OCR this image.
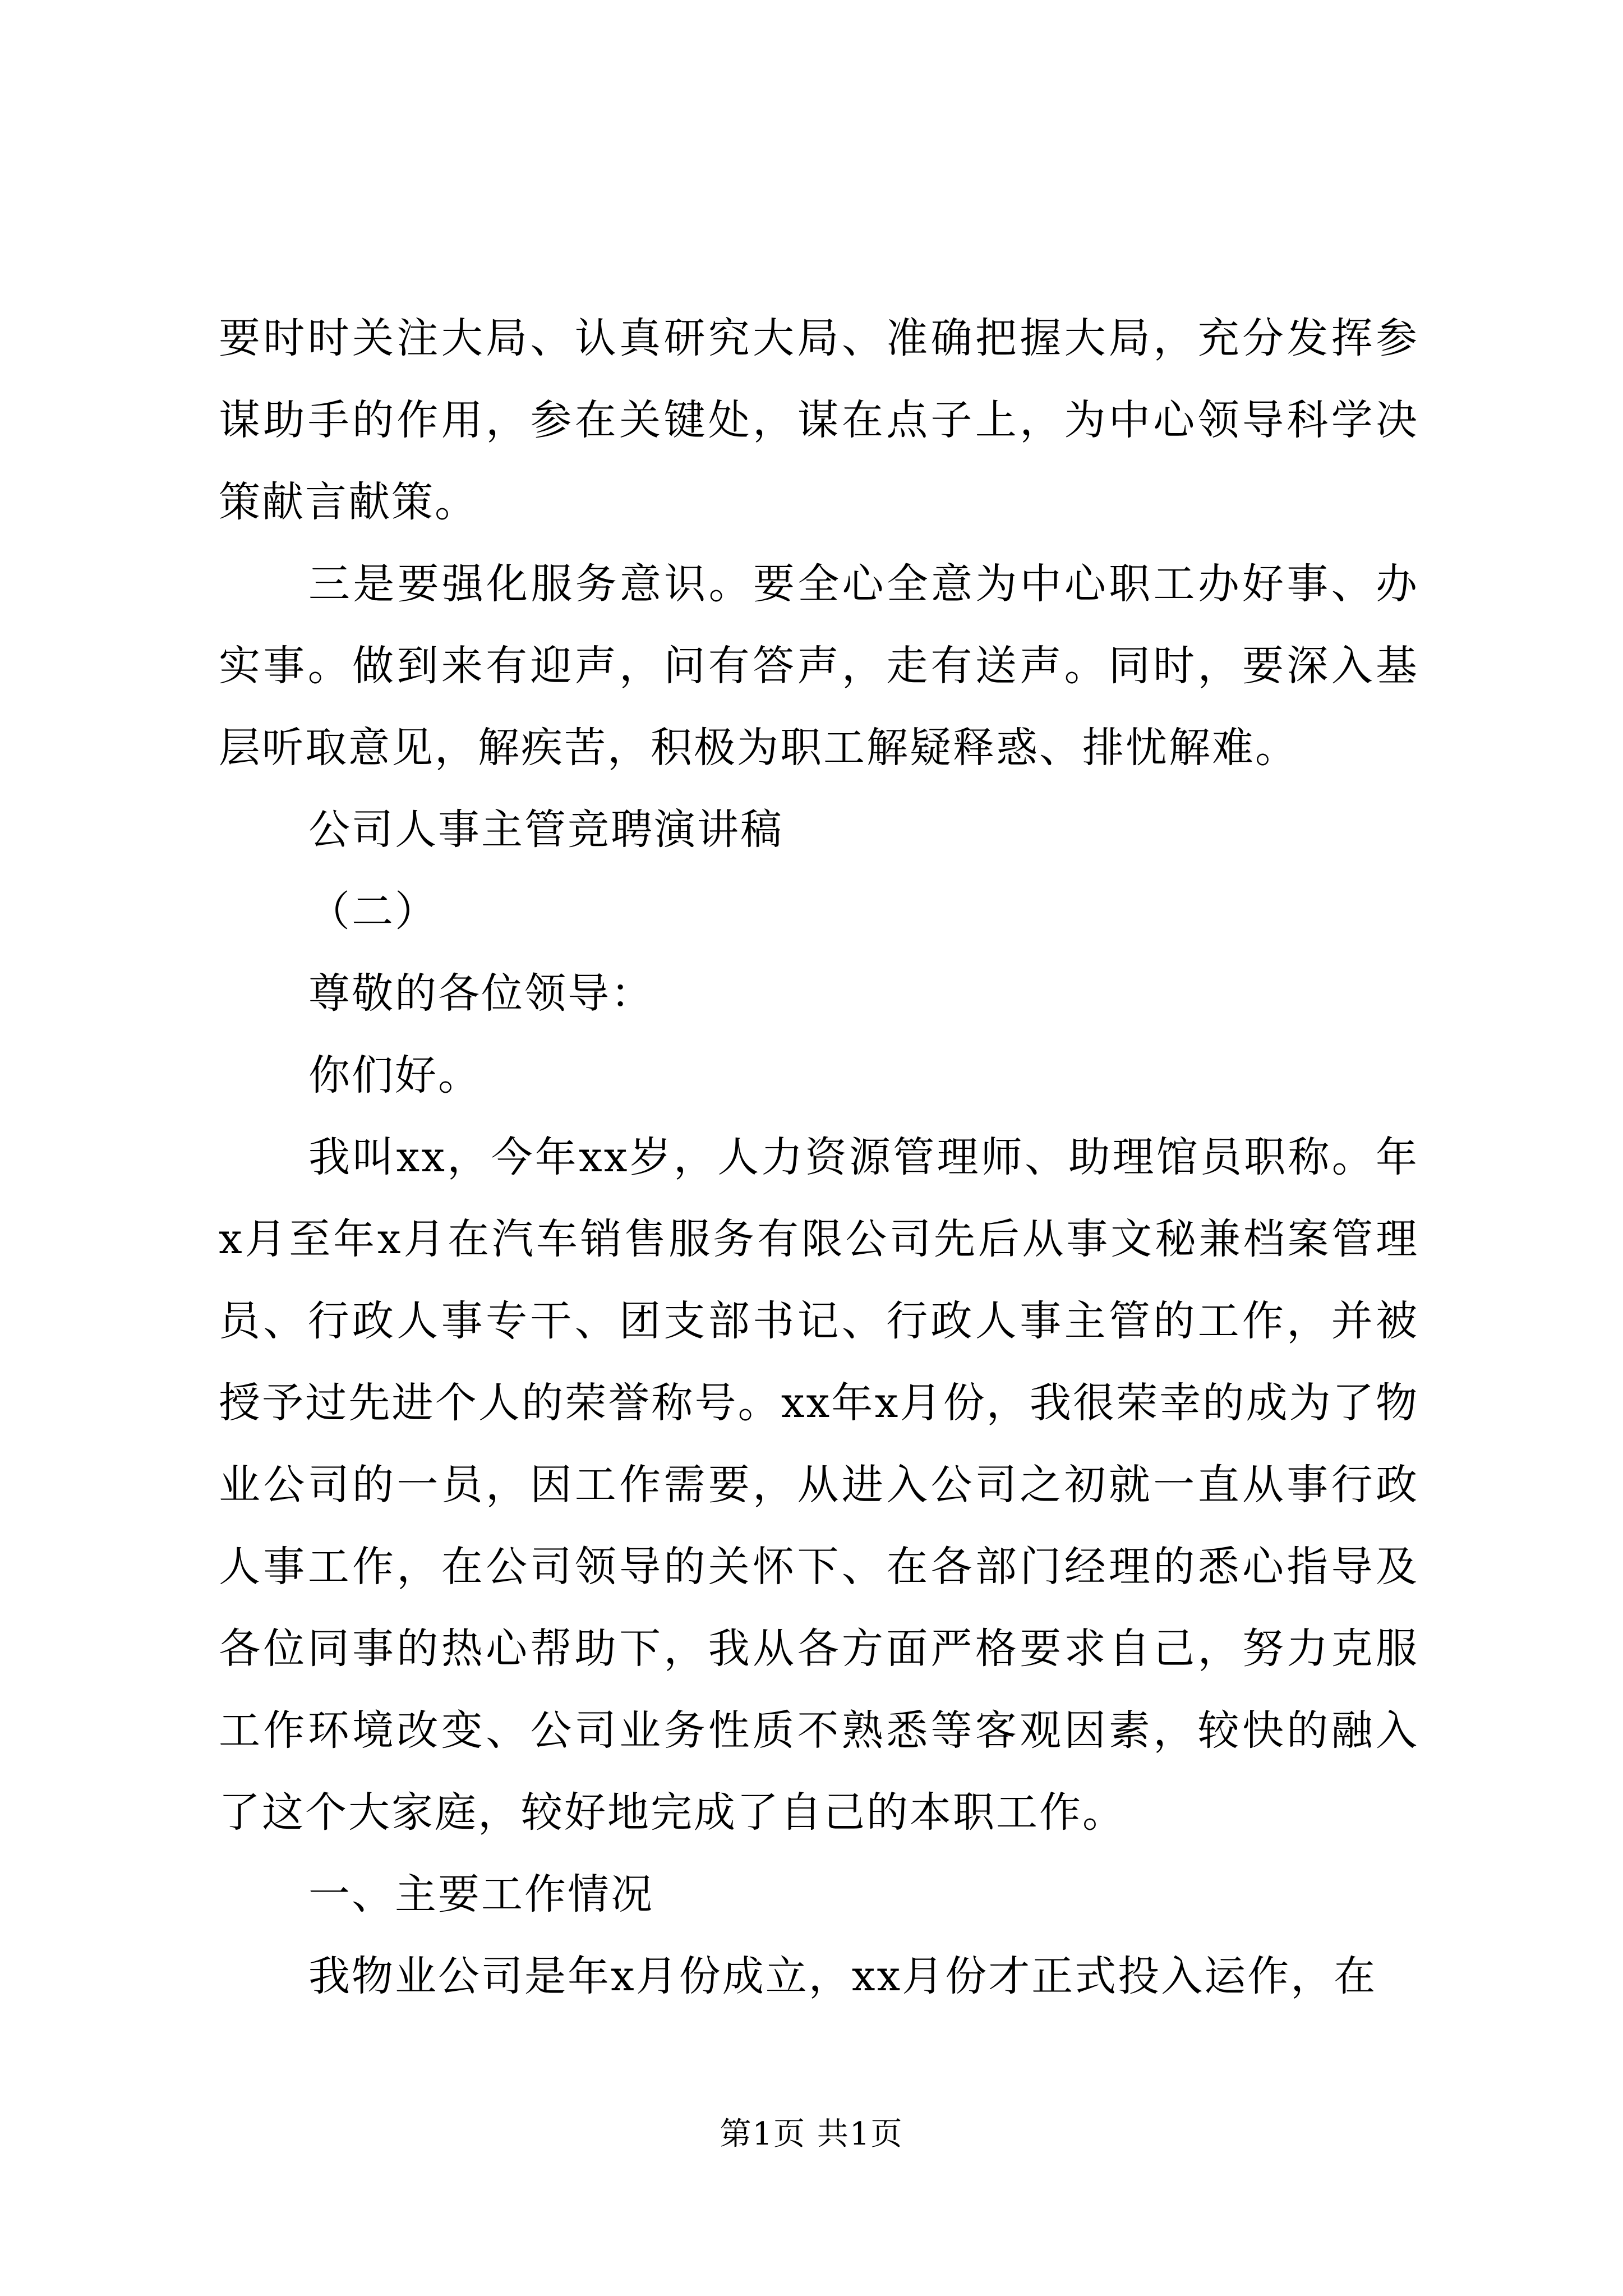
要时时关注大局、认真研究大局、准确把握大局，充分发挥参谋助手的作用，参在关键处，谋在点子上，为中心领导科学决策献言献策。

三是要强化服务意识。要全心全意为中心职工办好事、办实事。做到来有迎声，问有答声，走有送声。同时，要深入基层听取意见，解疾苦，积极为职工解疑释惑、排忧解难。

公司人事主管竞聘演讲稿

（二）

尊敬的各位领导：

你们好。

我叫xx，今年xx岁，人力资源管理师、助理馆员职称。年x月至年x月在汽车销售服务有限公司先后从事文秘兼档案管理员、行政人事专干、团支部书记、行政人事主管的工作，并被授予过先进个人的荣誉称号。xx年x月份，我很荣幸的成为了物业公司的一员，因工作需要，从进入公司之初就一直从事行政人事工作，在公司领导的关怀下、在各部门经理的悉心指导及各位同事的热心帮助下，我从各方面严格要求自己，努力克服工作环境改变、公司业务性质不熟悉等客观因素，较快的融入了这个大家庭，较好地完成了自己的本职工作。

一、主要工作情况

我物业公司是年x月份成立，xx月份才正式投入运作，在

第1页 共1页
